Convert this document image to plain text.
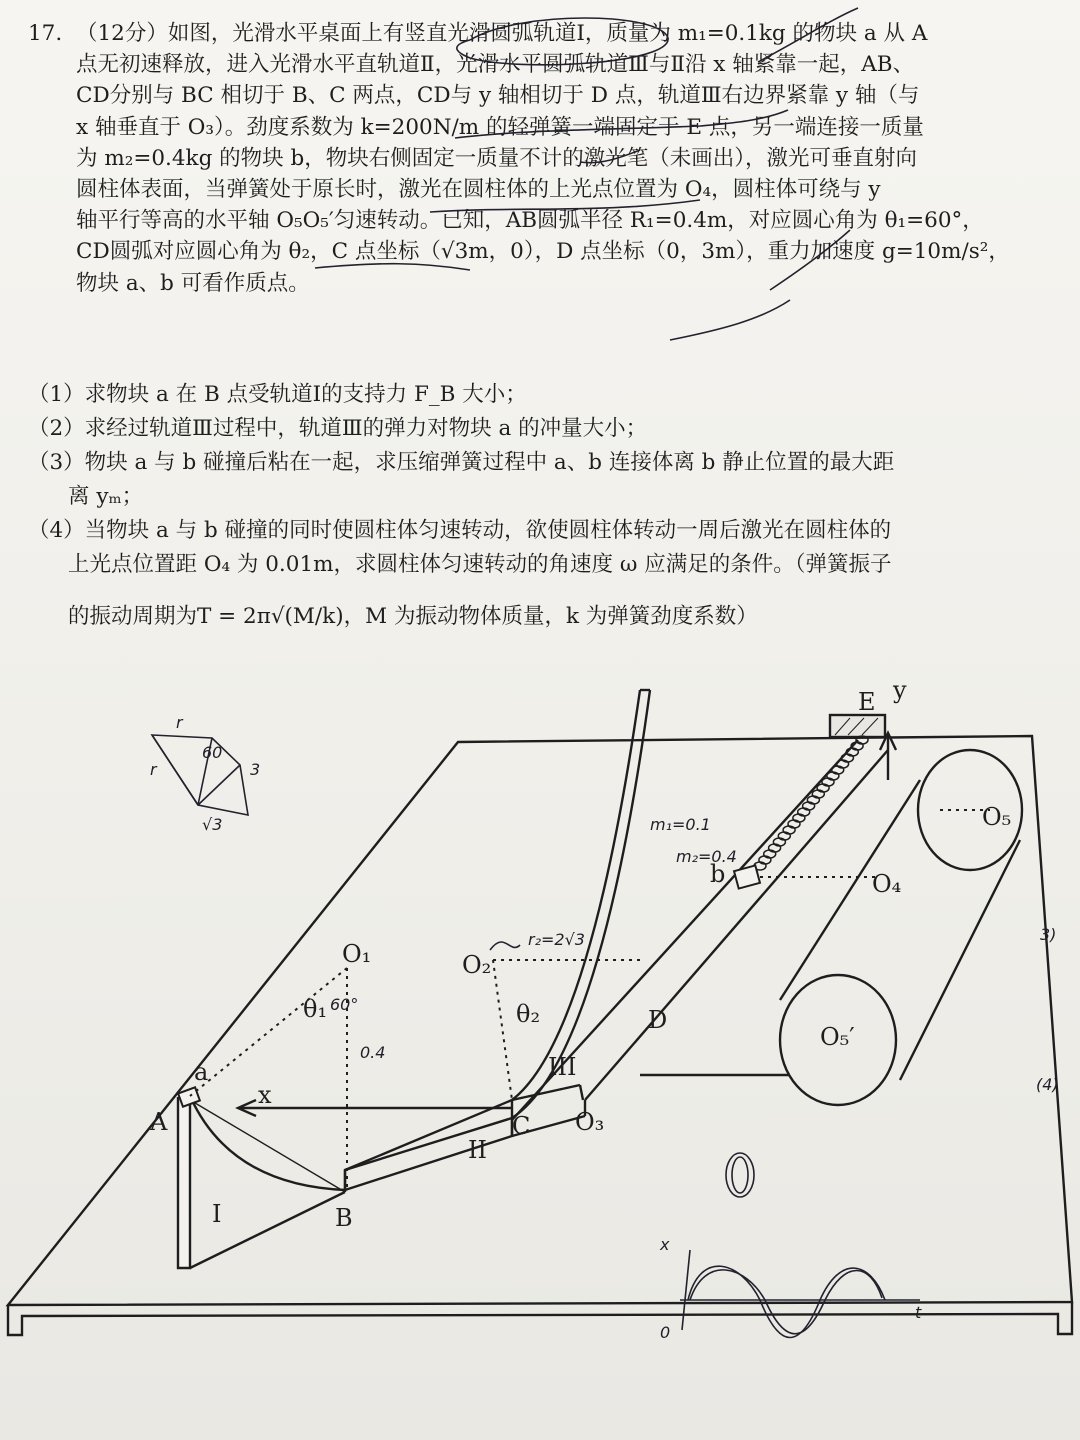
17. （12分）如图，光滑水平桌面上有竖直光滑圆弧轨道Ⅰ，质量为 m₁=0.1kg 的物块 a 从 A

点无初速释放，进入光滑水平直轨道Ⅱ，光滑水平圆弧轨道Ⅲ与Ⅱ沿 x 轴紧靠一起，AB、

CD分别与 BC 相切于 B、C 两点，CD与 y 轴相切于 D 点，轨道Ⅲ右边界紧靠 y 轴（与

x 轴垂直于 O₃）。劲度系数为 k=200N/m 的轻弹簧一端固定于 E 点，另一端连接一质量

为 m₂=0.4kg 的物块 b，物块右侧固定一质量不计的激光笔（未画出），激光可垂直射向

圆柱体表面，当弹簧处于原长时，激光在圆柱体的上光点位置为 O₄，圆柱体可绕与 y

轴平行等高的水平轴 O₅O₅′匀速转动。已知，AB圆弧半径 R₁=0.4m，对应圆心角为 θ₁=60°，

CD圆弧对应圆心角为 θ₂，C 点坐标（√3m，0），D 点坐标（0，3m），重力加速度 g=10m/s²，

物块 a、b 可看作质点。

（1）求物块 a 在 B 点受轨道Ⅰ的支持力 F_B 大小；

（2）求经过轨道Ⅲ过程中，轨道Ⅲ的弹力对物块 a 的冲量大小；

（3）物块 a 与 b 碰撞后粘在一起，求压缩弹簧过程中 a、b 连接体离 b 静止位置的最大距

离 yₘ；

（4）当物块 a 与 b 碰撞的同时使圆柱体匀速转动，欲使圆柱体转动一周后激光在圆柱体的

上光点位置距 O₄ 为 0.01m，求圆柱体匀速转动的角速度 ω 应满足的条件。（弹簧振子

的振动周期为T = 2π√(M/k)，M 为振动物体质量，k 为弹簧劲度系数）

E y
O₅
O₄
b
O₁
θ₁
O₂
θ₂	D
III
a
A
x
C O₃
II
I	B
O₅′
m₁=0.1
m₂=0.4
60°
0.4
r₂=2√3
r
r
60
3
√3
x
t
0
3)
(4)
